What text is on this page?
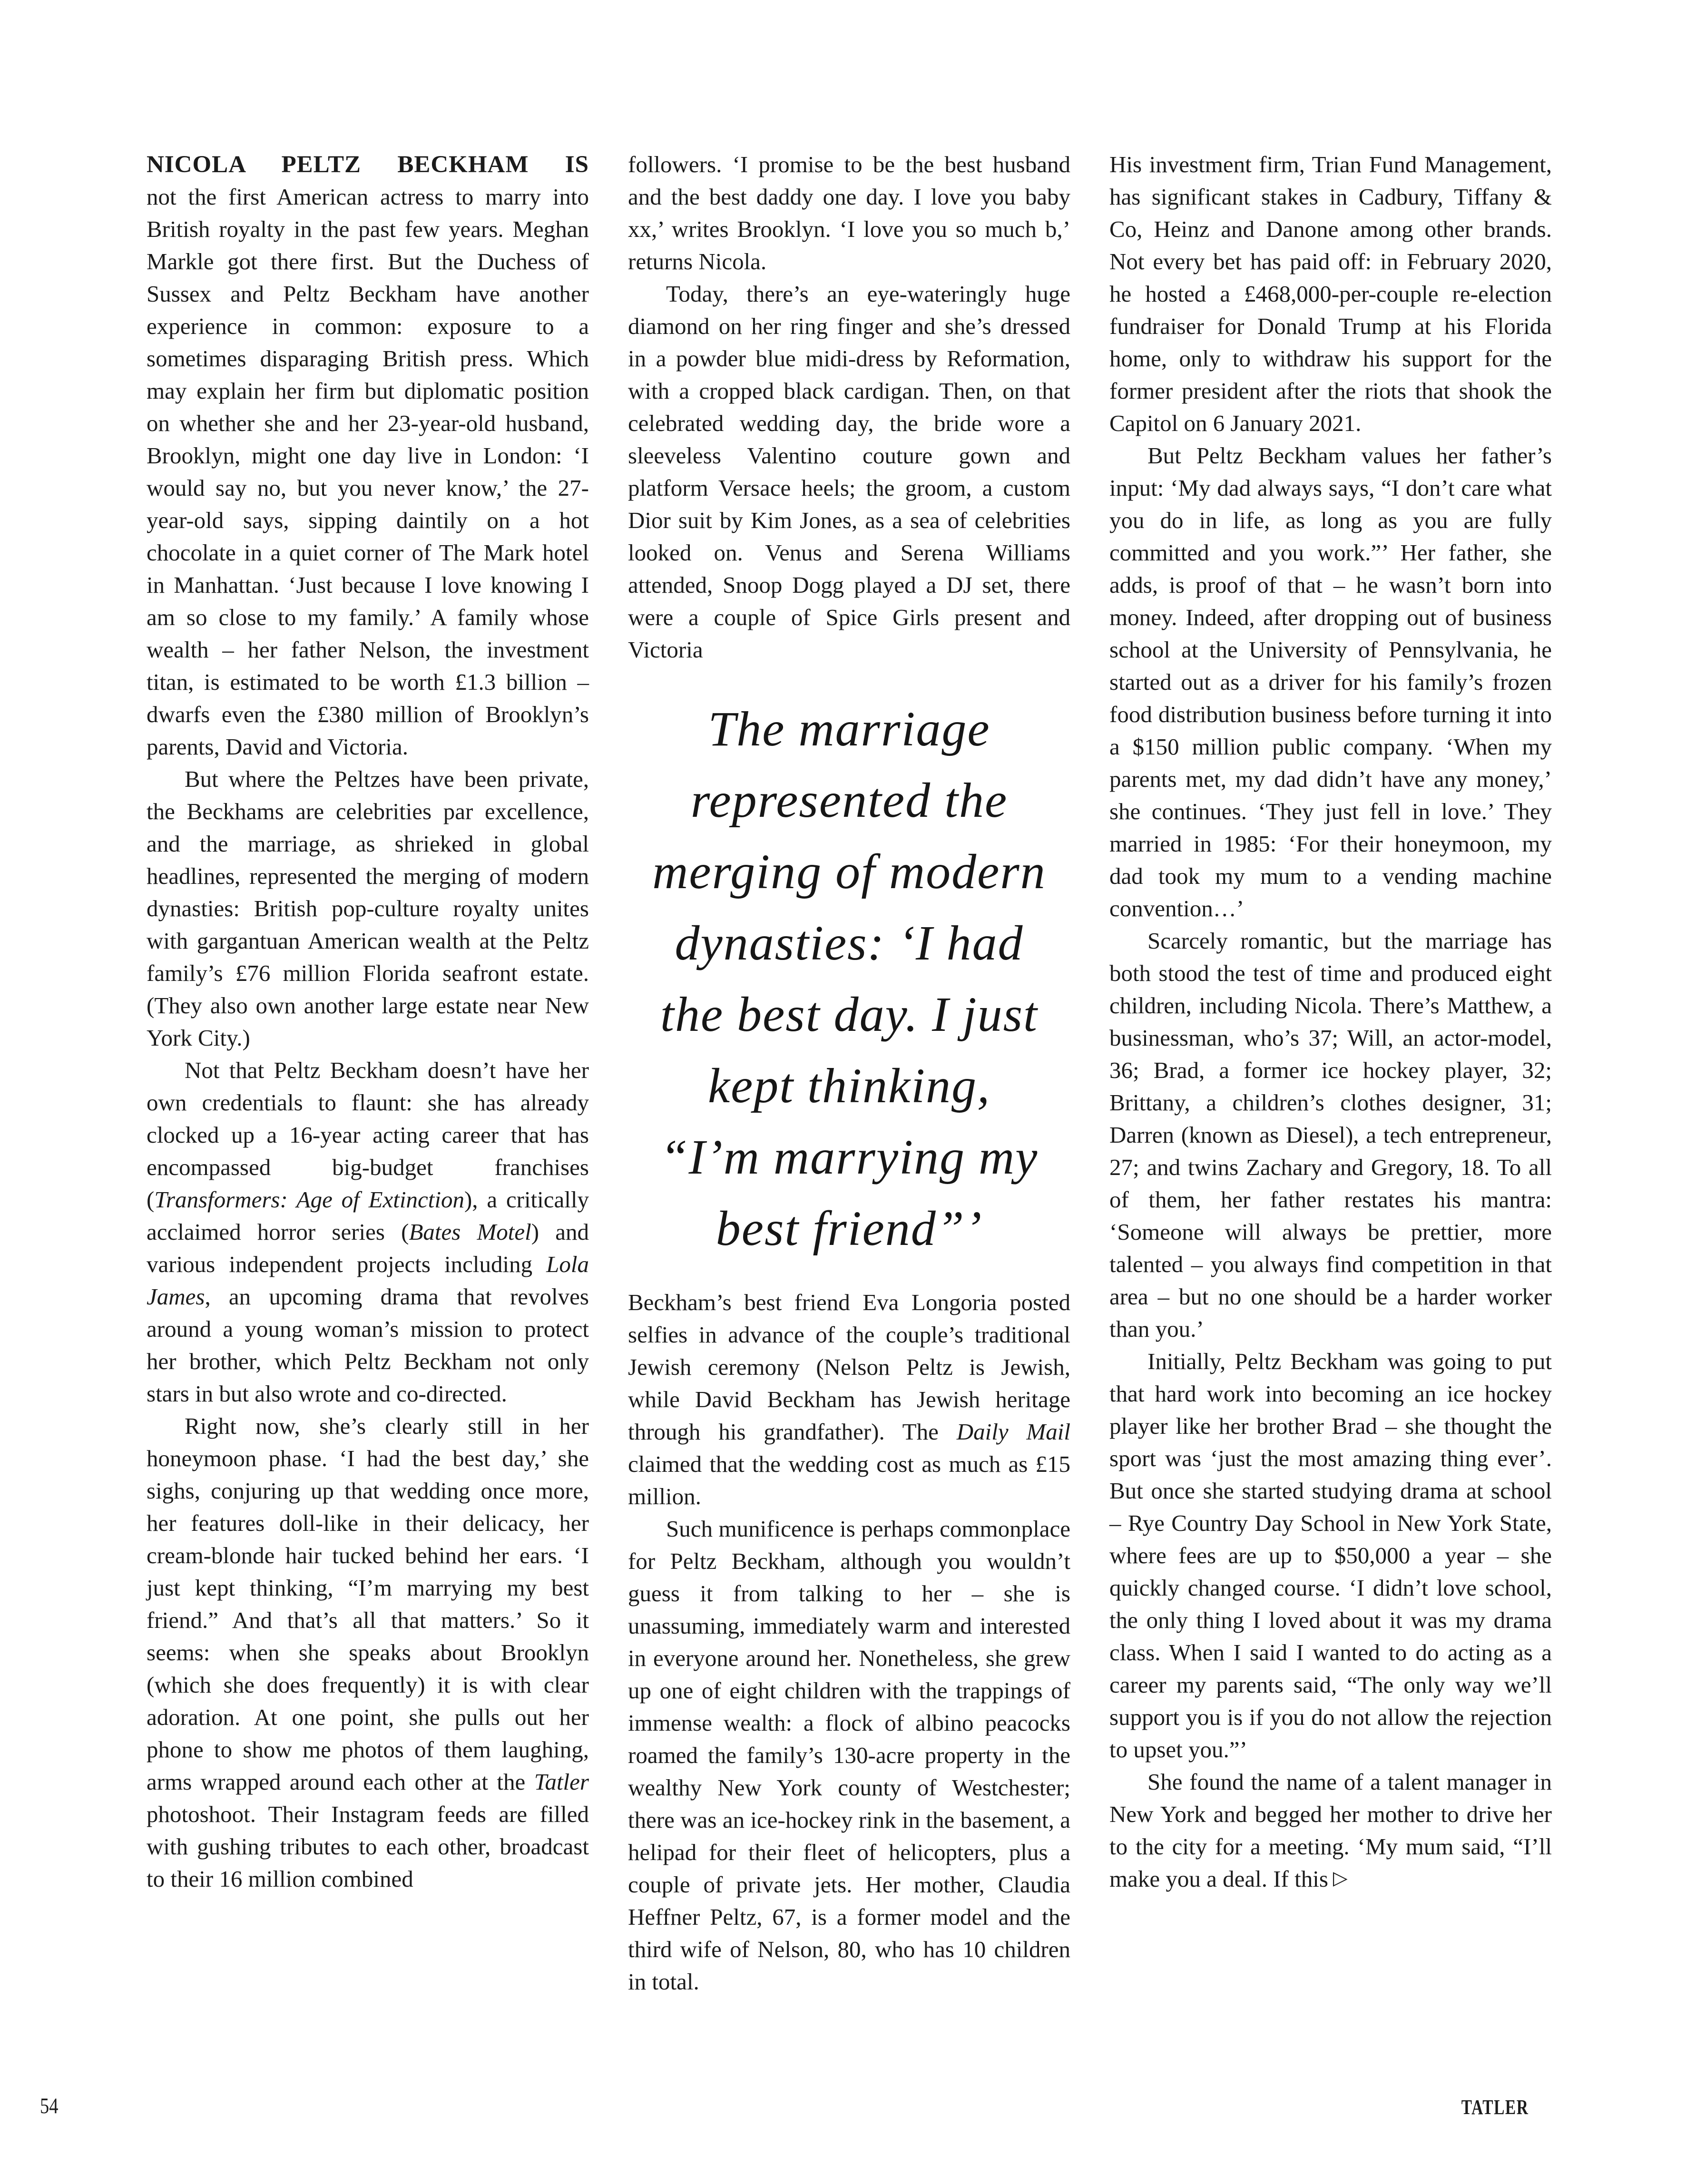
NICOLA PELTZ BECKHAM IS
not the first American actress to marry into British royalty in the past few years. Meghan Markle got there first. But the Duchess of Sussex and Peltz Beckham have another experience in common: exposure to a sometimes disparaging British press. Which may explain her firm but diplomatic position on whether she and her 23-year-old husband, Brooklyn, might one day live in London: ‘I would say no, but you never know,’ the 27-year-old says, sipping daintily on a hot chocolate in a quiet corner of The Mark hotel in Manhattan. ‘Just because I love knowing I am so close to my family.’ A family whose wealth – her father Nelson, the investment titan, is estimated to be worth £1.3 billion – dwarfs even the £380 million of Brooklyn’s parents, David and Victoria.

But where the Peltzes have been private, the Beckhams are celebrities par excellence, and the marriage, as shrieked in global headlines, represented the merging of modern dynasties: British pop-culture royalty unites with gargantuan American wealth at the Peltz family’s £76 million Florida seafront estate. (They also own another large estate near New York City.)

Not that Peltz Beckham doesn’t have her own credentials to flaunt: she has already clocked up a 16-year acting career that has encompassed big-budget franchises (Transformers: Age of Extinction), a critically acclaimed horror series (Bates Motel) and various independent projects including Lola James, an upcoming drama that revolves around a young woman’s mission to protect her brother, which Peltz Beckham not only stars in but also wrote and co-directed.

Right now, she’s clearly still in her honeymoon phase. ‘I had the best day,’ she sighs, conjuring up that wedding once more, her features doll-like in their delicacy, her cream-blonde hair tucked behind her ears. ‘I just kept thinking, “I’m marrying my best friend.” And that’s all that matters.’ So it seems: when she speaks about Brooklyn (which she does frequently) it is with clear adoration. At one point, she pulls out her phone to show me photos of them laughing, arms wrapped around each other at the Tatler photoshoot. Their Instagram feeds are filled with gushing tributes to each other, broadcast to their 16 million combined

followers. ‘I promise to be the best husband and the best daddy one day. I love you baby xx,’ writes Brooklyn. ‘I love you so much b,’ returns Nicola.

Today, there’s an eye-wateringly huge diamond on her ring finger and she’s dressed in a powder blue midi-dress by Reformation, with a cropped black cardigan. Then, on that celebrated wedding day, the bride wore a sleeveless Valentino couture gown and platform Versace heels; the groom, a custom Dior suit by Kim Jones, as a sea of celebrities looked on. Venus and Serena Williams attended, Snoop Dogg played a DJ set, there were a couple of Spice Girls present and Victoria

The marriage
represented the
merging of modern
dynasties: ‘I had
the best day. I just
kept thinking,
“I’m marrying my
best friend”’

Beckham’s best friend Eva Longoria posted selfies in advance of the couple’s traditional Jewish ceremony (Nelson Peltz is Jewish, while David Beckham has Jewish heritage through his grandfather). The Daily Mail claimed that the wedding cost as much as £15 million.

Such munificence is perhaps commonplace for Peltz Beckham, although you wouldn’t guess it from talking to her – she is unassuming, immediately warm and interested in everyone around her. Nonetheless, she grew up one of eight children with the trappings of immense wealth: a flock of albino peacocks roamed the family’s 130-acre property in the wealthy New York county of Westchester; there was an ice-hockey rink in the basement, a helipad for their fleet of helicopters, plus a couple of private jets. Her mother, Claudia Heffner Peltz, 67, is a former model and the third wife of Nelson, 80, who has 10 children in total.

His investment firm, Trian Fund Management, has significant stakes in Cadbury, Tiffany & Co, Heinz and Danone among other brands. Not every bet has paid off: in February 2020, he hosted a £468,000-per-couple re-election fundraiser for Donald Trump at his Florida home, only to withdraw his support for the former president after the riots that shook the Capitol on 6 January 2021.

But Peltz Beckham values her father’s input: ‘My dad always says, “I don’t care what you do in life, as long as you are fully committed and you work.”’ Her father, she adds, is proof of that – he wasn’t born into money. Indeed, after dropping out of business school at the University of Pennsylvania, he started out as a driver for his family’s frozen food distribution business before turning it into a $150 million public company. ‘When my parents met, my dad didn’t have any money,’ she continues. ‘They just fell in love.’ They married in 1985: ‘For their honeymoon, my dad took my mum to a vending machine convention…’

Scarcely romantic, but the marriage has both stood the test of time and produced eight children, including Nicola. There’s Matthew, a businessman, who’s 37; Will, an actor-model, 36; Brad, a former ice hockey player, 32; Brittany, a children’s clothes designer, 31; Darren (known as Diesel), a tech entrepreneur, 27; and twins Zachary and Gregory, 18. To all of them, her father restates his mantra: ‘Someone will always be prettier, more talented – you always find competition in that area – but no one should be a harder worker than you.’

Initially, Peltz Beckham was going to put that hard work into becoming an ice hockey player like her brother Brad – she thought the sport was ‘just the most amazing thing ever’. But once she started studying drama at school – Rye Country Day School in New York State, where fees are up to $50,000 a year – she quickly changed course. ‘I didn’t love school, the only thing I loved about it was my drama class. When I said I wanted to do acting as a career my parents said, “The only way we’ll support you is if you do not allow the rejection to upset you.”’

She found the name of a talent manager in New York and begged her mother to drive her to the city for a meeting. ‘My mum said, “I’ll make you a deal. If this ▷

54	TATLER
